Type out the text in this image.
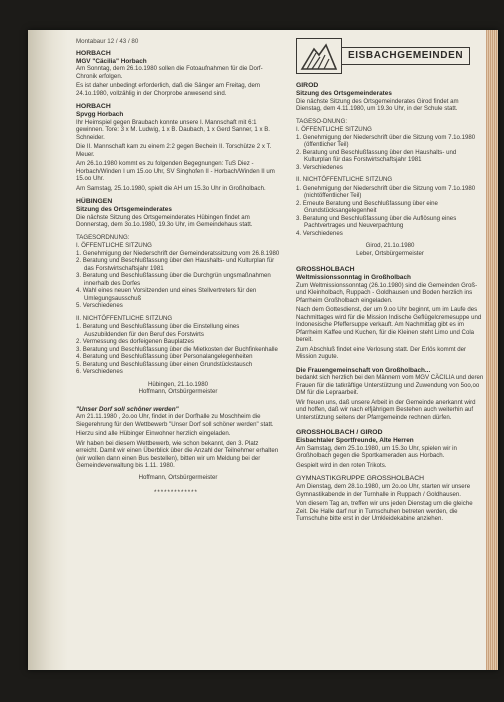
Montabaur 12 / 43 / 80
HORBACH
MGV "Cäcilia" Horbach

Am Sonntag, dem 26.1o.1980 sollen die Fotoaufnahmen für die Dorf-Chronik erfolgen.

Es ist daher unbedingt erforderlich, daß die Sänger am Freitag, dem 24.1o.1980, vollzählig in der Chorprobe anwesend sind.

HORBACH
Spvgg Horbach

Ihr Heimspiel gegen Braubach konnte unsere I. Mannschaft mit 6:1 gewinnen. Tore: 3 x M. Ludwig, 1 x B. Daubach, 1 x Gerd Sanner, 1 x B. Schneider.

Die II. Mannschaft kam zu einem 2:2 gegen Bechein II. Torschütze 2 x T. Meuer.

Am 26.1o.1980 kommt es zu folgenden Begegnungen: TuS Diez - Horbach/Winden I um 15.oo Uhr, SV Singhofen II - Horbach/Winden II um 15.oo Uhr.

Am Samstag, 25.1o.1980, spielt die AH um 15.3o Uhr in Großholbach.

HÜBINGEN
Sitzung des Ortsgemeinderates

Die nächste Sitzung des Ortsgemeinderates Hübingen findet am Donnerstag, dem 3o.1o.1980, 19.3o Uhr, im Gemeindehaus statt.

TAGESORDNUNG:
I. ÖFFENTLICHE SITZUNG
1. Genehmigung der Niederschrift der Gemeinderatssitzung vom 26.8.1980
2. Beratung und Beschlußfassung über den Haushalts- und Kulturplan für das Forstwirtschaftsjahr 1981
3. Beratung und Beschlußfassung über die Durchgrün ungsmaßnahmen innerhalb des Dorfes
4. Wahl eines neuen Vorsitzenden und eines Stellvertreters für den Umlegungsausschuß
5. Verschiedenes
II. NICHTÖFFENTLICHE SITZUNG
1. Beratung und Beschlußfassung über die Einstellung eines Auszubildenden für den Beruf des Forstwirts
2. Vermessung des dorfeigenen Bauplatzes
3. Beratung und Beschlußfassung über die Mietkosten der Buchfinkenhalle
4. Beratung und Beschlußfassung über Personalangelegenheiten
5. Beratung und Beschlußfassung über einen Grundstückstausch
6. Verschiedenes
Hübingen, 21.1o.1980
Hoffmann, Ortsbürgermeister
"Unser Dorf soll schöner werden"

Am 21.11.1980 , 2o.oo Uhr, findet in der Dorfhalle zu Moschheim die Siegerehrung für den Wettbewerb "Unser Dorf soll schöner werden" statt.

Hierzu sind alle Hübinger Einwohner herzlich eingeladen.

Wir haben bei diesem Wettbewerb, wie schon bekannt, den 3. Platz erreicht. Damit wir einen Überblick über die Anzahl der Teilnehmer erhalten (wir wollen dann einen Bus bestellen), bitten wir um Meldung bei der Gemeindeverwaltung bis 1.11. 1980.

Hoffmann, Ortsbürgermeister
*************
EISBACHGEMEINDEN
GIROD
Sitzung des Ortsgemeinderates

Die nächste Sitzung des Ortsgemeinderates Girod findet am Dienstag, dem 4.11.1980, um 19.3o Uhr, in der Schule statt.

TAGESO-DNUNG:
I. ÖFFENTLICHE SITZUNG
1. Genehmigung der Niederschrift über die Sitzung vom 7.1o.1980 (öffentlicher Teil)
2. Beratung und Beschlußfassung über den Haushalts- und Kulturplan für das Forstwirtschaftsjahr 1981
3. Verschiedenes
II. NICHTÖFFENTLICHE SITZUNG
1. Genehmigung der Niederschrift über die Sitzung vom 7.1o.1980 (nichtöffentlicher Teil)
2. Erneute Beratung und Beschlußfassung über eine Grundstücksangelegenheit
3. Beratung und Beschlußfassung über die Auflösung eines Pachtvertrages und Neuverpachtung
4. Verschiedenes
Girod, 21.1o.1980
Leber, Ortsbürgermeister
GROSSHOLBACH
Weltmissionssonntag in Großholbach

Zum Weltmissionssonntag (26.1o.1980) sind die Gemeinden Groß- und Kleinholbach, Ruppach - Goldhausen und Boden herzlich ins Pfarrheim Großholbach eingeladen.

Nach dem Gottesdienst, der um 9.oo Uhr beginnt, um im Laufe des Nachmittages wird für die Mission Indische Geflügelcremesuppe und Indonesische Pfeffersuppe verkauft. Am Nachmittag gibt es im Pfarrheim Kaffee und Kuchen, für die Kleinen steht Limo und Cola bereit.

Zum Abschluß findet eine Verlosung statt. Der Erlös kommt der Mission zugute.

Die Frauengemeinschaft von Großholbach...

bedankt sich herzlich bei den Männern vom MGV CÄCILIA und deren Frauen für die tatkräftige Unterstützung und Zuwendung von 5oo,oo DM für die Lepraarbeit.

Wir freuen uns, daß unsere Arbeit in der Gemeinde anerkannt wird und hoffen, daß wir nach elfjährigem Bestehen auch weiterhin auf Unterstützung seitens der Pfarrgemeinde rechnen dürfen.

GROSSHOLBACH / GIROD
Eisbachtaler Sportfreunde, Alte Herren

Am Samstag, dem 25.1o.1980, um 15.3o Uhr, spielen wir in Großholbach gegen die Sportkameraden aus Horbach.

Gespielt wird in den roten Trikots.

GYMNASTIKGRUPPE GROSSHOLBACH

Am Dienstag, dem 28.1o.1980, um 2o.oo Uhr, starten wir unsere Gymnastikabende in der Turnhalle in Ruppach / Goldhausen.

Von diesem Tag an, treffen wir uns jeden Dienstag um die gleiche Zeit. Die Halle darf nur in Turnschuhen betreten werden, die Turnschuhe bitte erst in der Umkleidekabine anziehen.
